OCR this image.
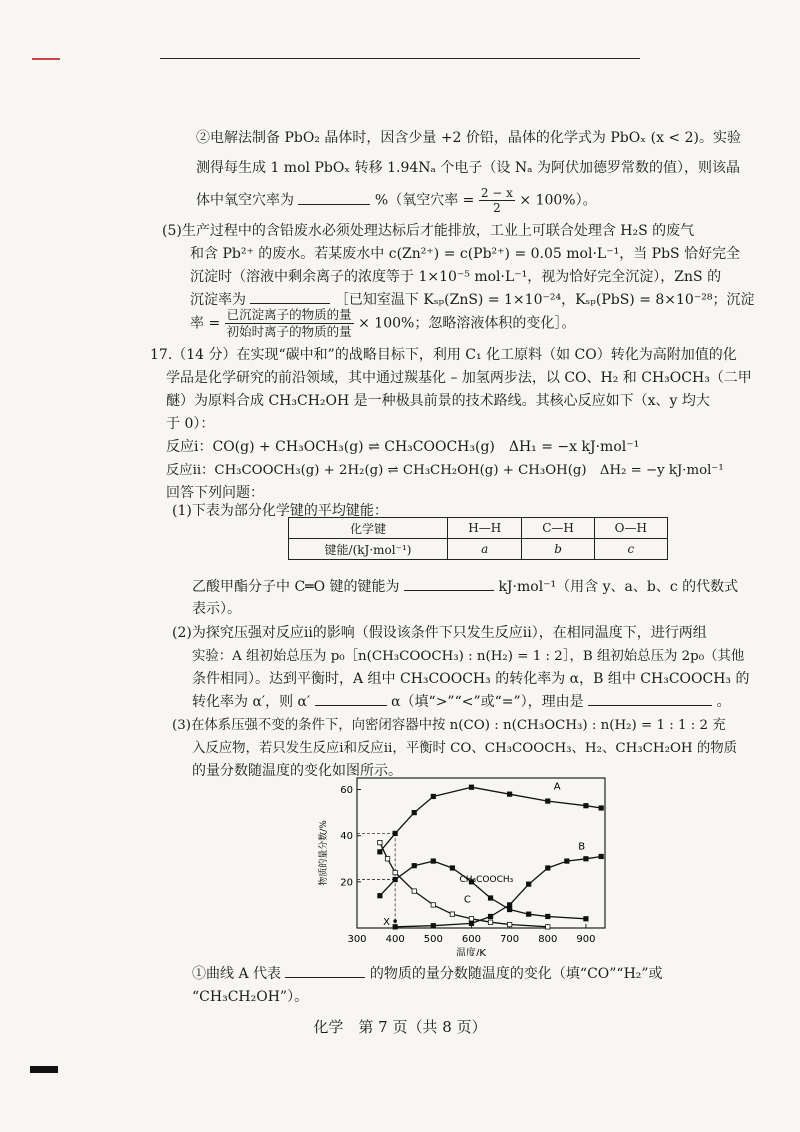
②电解法制备 PbO₂ 晶体时，因含少量 +2 价铅，晶体的化学式为 PbOₓ (x < 2)。实验
测得每生成 1 mol PbOₓ 转移 1.94Nₐ 个电子（设 Nₐ 为阿伏加德罗常数的值），则该晶
体中氧空穴率为	%（氧空穴率 = $\frac{2 - x}{2} \times 100\%$）。
(5)生产过程中的含铅废水必须处理达标后才能排放，工业上可联合处理含 H₂S 的废气
和含 Pb²⁺ 的废水。若某废水中 c(Zn²⁺) = c(Pb²⁺) = 0.05 mol·L⁻¹，当 PbS 恰好完全
沉淀时（溶液中剩余离子的浓度等于 1×10⁻⁵ mol·L⁻¹，视为恰好完全沉淀），ZnS 的
沉淀率为	［已知室温下 Kₛₚ(ZnS) = 1×10⁻²⁴，Kₛₚ(PbS) = 8×10⁻²⁸；沉淀
率 =
已沉淀离子的物质的量
初始时离子的物质的量 × 100%；忽略溶液体积的变化］。
17.（14 分）在实现“碳中和”的战略目标下，利用 C₁ 化工原料（如 CO）转化为高附加值的化
学品是化学研究的前沿领域，其中通过羰基化 – 加氢两步法，以 CO、H₂ 和 CH₃OCH₃（二甲
醚）为原料合成 CH₃CH₂OH 是一种极具前景的技术路线。其核心反应如下（x、y 均大
于 0）：
反应ⅰ：CO(g) + CH₃OCH₃(g) ⇌ CH₃COOCH₃(g)　ΔH₁ = −x kJ·mol⁻¹
反应ⅱ：CH₃COOCH₃(g) + 2H₂(g) ⇌ CH₃CH₂OH(g) + CH₃OH(g)　ΔH₂ = −y kJ·mol⁻¹
回答下列问题：
(1)下表为部分化学键的平均键能：
化学键	H—H	C—H	O—H
键能/(kJ·mol⁻¹)	a	b	c
乙酸甲酯分子中 C═O 键的键能为	kJ·mol⁻¹（用含 y、a、b、c 的代数式
表示）。
(2)为探究压强对反应ⅱ的影响（假设该条件下只发生反应ⅱ），在相同温度下，进行两组
实验：A 组初始总压为 p₀［n(CH₃COOCH₃) : n(H₂) = 1 : 2］，B 组初始总压为 2p₀（其他
条件相同）。达到平衡时，A 组中 CH₃COOCH₃ 的转化率为 α，B 组中 CH₃COOCH₃ 的
转化率为 α′，则 α′	α（填“>”“<”或“=”），理由是	。
(3)在体系压强不变的条件下，向密闭容器中按 n(CO) : n(CH₃OCH₃) : n(H₂) = 1 : 1 : 2 充
入反应物，若只发生反应ⅰ和反应ⅱ，平衡时 CO、CH₃COOCH₃、H₂、CH₃CH₂OH 的物质
的量分数随温度的变化如图所示。
300 400 500 600 700 800 900
20
40
60
温度/K
物质的量分数/%
X
A
B
C
CH₃COOCH₃
①曲线 A 代表	的物质的量分数随温度的变化（填“CO”“H₂”或
“CH₃CH₂OH”）。
化学　第 7 页（共 8 页）
